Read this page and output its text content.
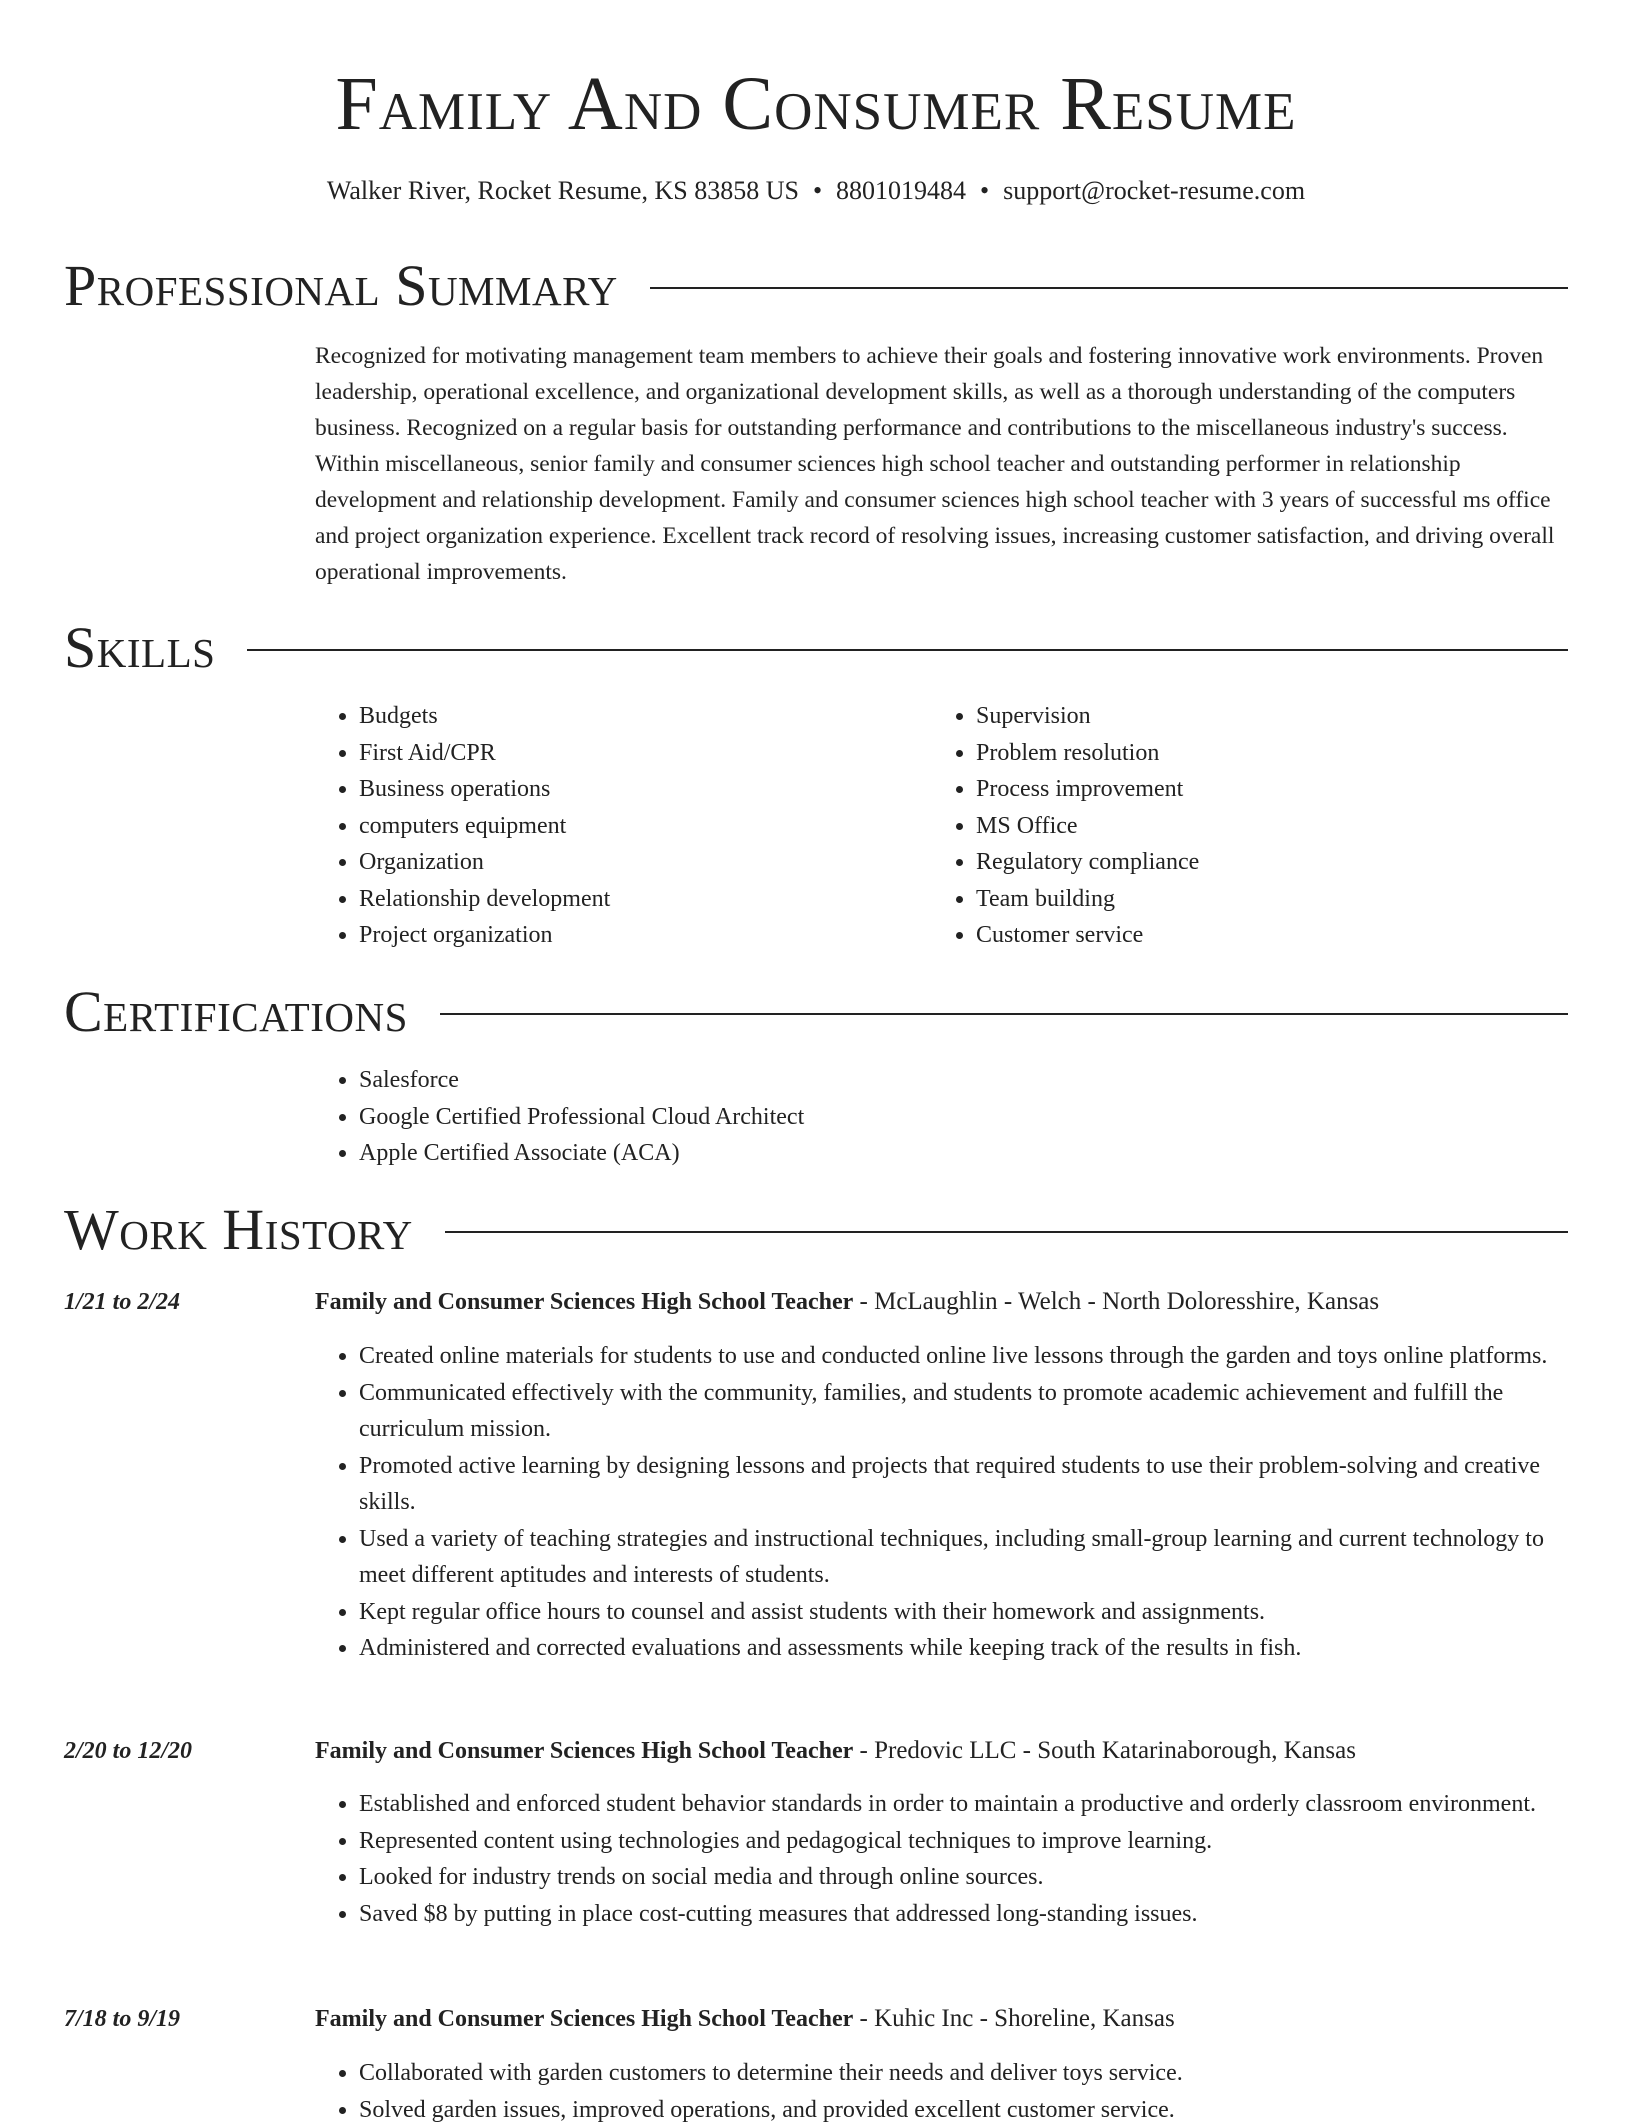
Family And Consumer Resume
Walker River, Rocket Resume, KS 83858 US • 8801019484 • support@rocket-resume.com
Professional Summary

Recognized for motivating management team members to achieve their goals and fostering innovative work environments. Proven leadership, operational excellence, and organizational development skills, as well as a thorough understanding of the computers business. Recognized on a regular basis for outstanding performance and contributions to the miscellaneous industry's success. Within miscellaneous, senior family and consumer sciences high school teacher and outstanding performer in relationship development and relationship development. Family and consumer sciences high school teacher with 3 years of successful ms office and project organization experience. Excellent track record of resolving issues, increasing customer satisfaction, and driving overall operational improvements.

Skills
• Budgets
• First Aid/CPR
• Business operations
• computers equipment
• Organization
• Relationship development
• Project organization
• Supervision
• Problem resolution
• Process improvement
• MS Office
• Regulatory compliance
• Team building
• Customer service
Certifications
• Salesforce
• Google Certified Professional Cloud Architect
• Apple Certified Associate (ACA)
Work History
1/21 to 2/24	Family and Consumer Sciences High School Teacher - McLaughlin - Welch - North Doloresshire, Kansas
• Created online materials for students to use and conducted online live lessons through the garden and toys online platforms.
• Communicated effectively with the community, families, and students to promote academic achievement and fulfill the curriculum mission.
• Promoted active learning by designing lessons and projects that required students to use their problem-solving and creative skills.
• Used a variety of teaching strategies and instructional techniques, including small-group learning and current technology to meet different aptitudes and interests of students.
• Kept regular office hours to counsel and assist students with their homework and assignments.
• Administered and corrected evaluations and assessments while keeping track of the results in fish.
2/20 to 12/20	Family and Consumer Sciences High School Teacher - Predovic LLC - South Katarinaborough, Kansas
• Established and enforced student behavior standards in order to maintain a productive and orderly classroom environment.
• Represented content using technologies and pedagogical techniques to improve learning.
• Looked for industry trends on social media and through online sources.
• Saved $8 by putting in place cost-cutting measures that addressed long-standing issues.
7/18 to 9/19	Family and Consumer Sciences High School Teacher - Kuhic Inc - Shoreline, Kansas
• Collaborated with garden customers to determine their needs and deliver toys service.
• Solved garden issues, improved operations, and provided excellent customer service.
